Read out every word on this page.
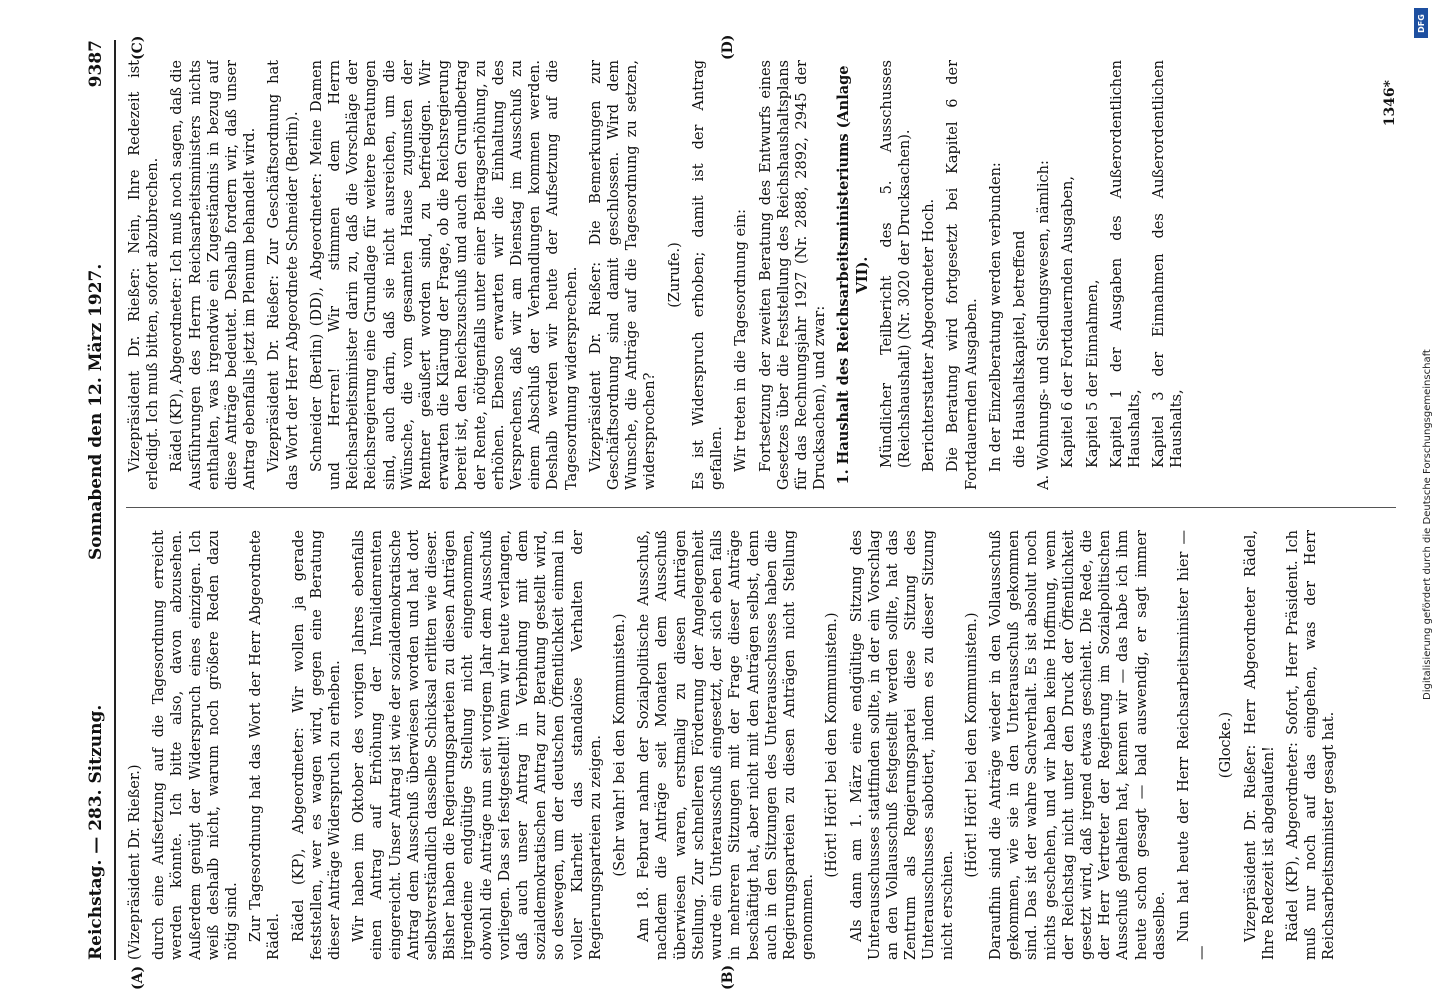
Reichstag. — 283. Sitzung.
Sonnabend den 12. März 1927.
9387

(Vizepräsident Dr. Rießer.) durch eine Aufsetzung auf die Tagesordnung erreicht werden könnte. Ich bitte also, davon abzusehen. Außerdem genügt der Widerspruch eines einzigen. Ich weiß deshalb nicht, warum noch größere Reden dazu nötig sind. Zur Tagesordnung hat das Wort der Herr Abgeordnete Rädel. Rädel (KP), Abgeordneter: Wir wollen ja gerade feststellen, wer es wagen wird, gegen eine Beratung dieser Anträge Widerspruch zu erheben. Wir haben im Oktober des vorigen Jahres ebenfalls einen Antrag auf Erhöhung der Invalidenrenten eingereicht. Unser Antrag ist wie der sozialdemokratische Antrag dem Ausschuß überwiesen worden und hat dort selbstverständlich dasselbe Schicksal erlitten wie dieser. Bisher haben die Regierungsparteien zu diesen Anträgen irgendeine endgültige Stellung nicht eingenommen, obwohl die Anträge nun seit vorigem Jahr dem Ausschuß vorliegen. Das sei festgestellt! Wenn wir heute verlangen, daß auch unser Antrag in Verbindung mit dem sozialdemokratischen Antrag zur Beratung gestellt wird, so deswegen, um der deutschen Öffentlichkeit einmal in voller Klarheit das standalöse Verhalten der Regierungsparteien zu zeigen. (Sehr wahr! bei den Kommunisten.) Am 18. Februar nahm der Sozialpolitische Ausschuß, nachdem die Anträge seit Monaten dem Ausschuß überwiesen waren, erstmalig zu diesen Anträgen Stellung. Zur schnelleren Förderung der Angelegenheit wurde ein Unterausschuß eingesetzt, der sich eben falls in mehreren Sitzungen mit der Frage dieser Anträge beschäftigt hat, aber nicht mit den Anträgen selbst, denn auch in den Sitzungen des Unterausschusses haben die Regierungsparteien zu diesen Anträgen nicht Stellung genommen.

(Hört! Hört! bei den Kommunisten.) Als dann am 1. März eine endgültige Sitzung des Unterausschusses stattfinden sollte, in der ein Vorschlag an den Vollausschuß festgestellt werden sollte, hat das Zentrum als Regierungspartei diese Sitzung des Unterausschusses sabotiert, indem es zu dieser Sitzung nicht erschien.

(Hört! Hört! bei den Kommunisten.) Daraufhin sind die Anträge wieder in den Vollausschuß gekommen, wie sie in den Unterausschuß gekommen sind. Das ist der wahre Sachverhalt. Es ist absolut noch nichts geschehen, und wir haben keine Hoffnung, wenn der Reichstag nicht unter den Druck der Öffentlichkeit gesetzt wird, daß irgend etwas geschieht. Die Rede, die der Herr Vertreter der Regierung im Sozialpolitischen Ausschuß gehalten hat, kennen wir — das habe ich ihm heute schon gesagt — bald auswendig, er sagt immer dasselbe. Nun hat heute der Herr Reichsarbeitsminister hier — —

(Glocke.) Vizepräsident Dr. Rießer: Herr Abgeordneter Rädel, Ihre Redezeit ist abgelaufen! Rädel (KP), Abgeordneter: Sofort, Herr Präsident. Ich muß nur noch auf das eingehen, was der Herr Reichsarbeitsminister gesagt hat.

Vizepräsident Dr. Rießer: Nein, Ihre Redezeit ist erledigt. Ich muß bitten, sofort abzubrechen. Rädel (KP), Abgeordneter: Ich muß noch sagen, daß die Ausführungen des Herrn Reichsarbeitsministers nichts enthalten, was irgendwie ein Zugeständnis in bezug auf diese Anträge bedeutet. Deshalb fordern wir, daß unser Antrag ebenfalls jetzt im Plenum behandelt wird. Vizepräsident Dr. Rießer: Zur Geschäftsordnung hat das Wort der Herr Abgeordnete Schneider (Berlin). Schneider (Berlin) (DD), Abgeordneter: Meine Damen und Herren! Wir stimmen dem Herrn Reichsarbeitsminister darin zu, daß die Vorschläge der Reichsregierung eine Grundlage für weitere Beratungen sind, auch darin, daß sie nicht ausreichen, um die Wünsche, die vom gesamten Hause zugunsten der Rentner geäußert worden sind, zu befriedigen. Wir erwarten die Klärung der Frage, ob die Reichsregierung bereit ist, den Reichszuschuß und auch den Grundbetrag der Rente, nötigenfalls unter einer Beitragserhöhung, zu erhöhen. Ebenso erwarten wir die Einhaltung des Versprechens, daß wir am Dienstag im Ausschuß zu einem Abschluß der Verhandlungen kommen werden. Deshalb werden wir heute der Aufsetzung auf die Tagesordnung widersprechen. Vizepräsident Dr. Rießer: Die Bemerkungen zur Geschäftsordnung sind damit geschlossen. Wird dem Wunsche, die Anträge auf die Tagesordnung zu setzen, widersprochen?

(Zurufe.) Es ist Widerspruch erhoben; damit ist der Antrag gefallen. Wir treten in die Tagesordnung ein: Fortsetzung der zweiten Beratung des Entwurfs eines Gesetzes über die Feststellung des Reichshaushaltsplans für das Rechnungsjahr 1927 (Nr. 2888, 2892, 2945 der Drucksachen), und zwar: 1. Haushalt des Reichsarbeitsministeriums (Anlage VII). Mündlicher Teilbericht des 5. Ausschusses (Reichshaushalt) (Nr. 3020 der Drucksachen). Berichterstatter Abgeordneter Hoch. Die Beratung wird fortgesetzt bei Kapitel 6 der Fortdauernden Ausgaben. In der Einzelberatung werden verbunden: die Haushaltskapitel, betreffend A. Wohnungs- und Siedlungswesen, nämlich: Kapitel 6 der Fortdauernden Ausgaben, Kapitel 5 der Einnahmen, Kapitel 1 der Ausgaben des Außerordentlichen Haushalts, Kapitel 3 der Einnahmen des Außerordentlichen Haushalts,

(A)	(B)
(C)	(D)
1346*
DFG
Digitalisierung gefördert durch die Deutsche Forschungsgemeinschaft
